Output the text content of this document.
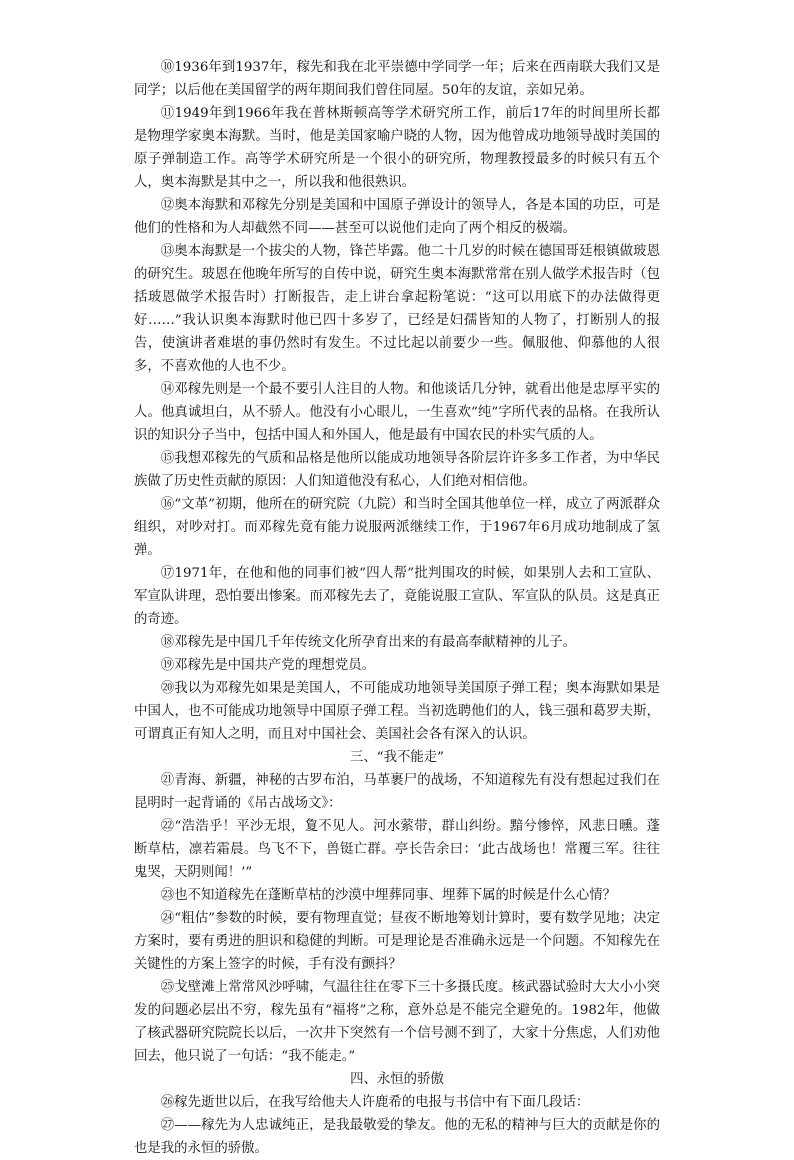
⑩1936年到1937年，稼先和我在北平崇德中学同学一年；后来在西南联大我们又是同学；以后他在美国留学的两年期间我们曾住同屋。50年的友谊，亲如兄弟。

⑪1949年到1966年我在普林斯顿高等学术研究所工作，前后17年的时间里所长都是物理学家奥本海默。当时，他是美国家喻户晓的人物，因为他曾成功地领导战时美国的原子弹制造工作。高等学术研究所是一个很小的研究所，物理教授最多的时候只有五个人，奥本海默是其中之一，所以我和他很熟识。

⑫奥本海默和邓稼先分别是美国和中国原子弹设计的领导人，各是本国的功臣，可是他们的性格和为人却截然不同——甚至可以说他们走向了两个相反的极端。

⑬奥本海默是一个拔尖的人物，锋芒毕露。他二十几岁的时候在德国哥廷根镇做玻恩的研究生。玻恩在他晚年所写的自传中说，研究生奥本海默常常在别人做学术报告时（包括玻恩做学术报告时）打断报告，走上讲台拿起粉笔说：“这可以用底下的办法做得更好……”我认识奥本海默时他已四十多岁了，已经是妇孺皆知的人物了，打断别人的报告，使演讲者难堪的事仍然时有发生。不过比起以前要少一些。佩服他、仰慕他的人很多，不喜欢他的人也不少。

⑭邓稼先则是一个最不要引人注目的人物。和他谈话几分钟，就看出他是忠厚平实的人。他真诚坦白，从不骄人。他没有小心眼儿，一生喜欢“纯”字所代表的品格。在我所认识的知识分子当中，包括中国人和外国人，他是最有中国农民的朴实气质的人。

⑮我想邓稼先的气质和品格是他所以能成功地领导各阶层许许多多工作者，为中华民族做了历史性贡献的原因：人们知道他没有私心，人们绝对相信他。

⑯“文革”初期，他所在的研究院（九院）和当时全国其他单位一样，成立了两派群众组织，对吵对打。而邓稼先竟有能力说服两派继续工作，于1967年6月成功地制成了氢弹。

⑰1971年，在他和他的同事们被“四人帮”批判围攻的时候，如果别人去和工宣队、军宣队讲理，恐怕要出惨案。而邓稼先去了，竟能说服工宣队、军宣队的队员。这是真正的奇迹。

⑱邓稼先是中国几千年传统文化所孕育出来的有最高奉献精神的儿子。

⑲邓稼先是中国共产党的理想党员。

⑳我以为邓稼先如果是美国人，不可能成功地领导美国原子弹工程；奥本海默如果是中国人，也不可能成功地领导中国原子弹工程。当初选聘他们的人，钱三强和葛罗夫斯，可谓真正有知人之明，而且对中国社会、美国社会各有深入的认识。

三、“我不能走”

㉑青海、新疆，神秘的古罗布泊，马革裹尸的战场，不知道稼先有没有想起过我们在昆明时一起背诵的《吊古战场文》：

㉒“浩浩乎！平沙无垠，夐不见人。河水萦带，群山纠纷。黯兮惨悴，风悲日曛。蓬断草枯，凛若霜晨。鸟飞不下，兽铤亡群。亭长告余曰：‘此古战场也！常覆三军。往往鬼哭，天阴则闻！’”

㉓也不知道稼先在蓬断草枯的沙漠中埋葬同事、埋葬下属的时候是什么心情？

㉔“粗估”参数的时候，要有物理直觉；昼夜不断地筹划计算时，要有数学见地；决定方案时，要有勇进的胆识和稳健的判断。可是理论是否准确永远是一个问题。不知稼先在关键性的方案上签字的时候，手有没有颤抖？

㉕戈壁滩上常常风沙呼啸，气温往往在零下三十多摄氏度。核武器试验时大大小小突发的问题必层出不穷，稼先虽有“福将”之称，意外总是不能完全避免的。1982年，他做了核武器研究院院长以后，一次井下突然有一个信号测不到了，大家十分焦虑，人们劝他回去，他只说了一句话：“我不能走。”

四、永恒的骄傲

㉖稼先逝世以后，在我写给他夫人许鹿希的电报与书信中有下面几段话：

㉗——稼先为人忠诚纯正，是我最敬爱的挚友。他的无私的精神与巨大的贡献是你的也是我的永恒的骄傲。
